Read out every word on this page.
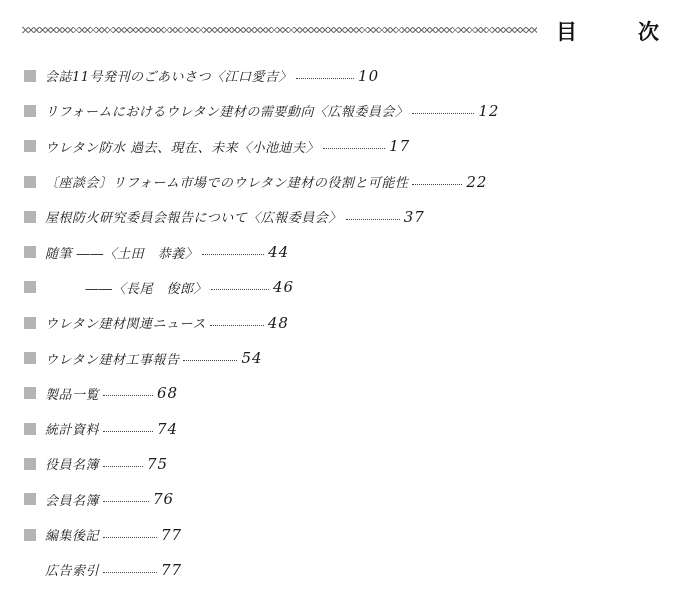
目　次
会誌11号発刊のごあいさつ〈江口愛吉〉	10
リフォームにおけるウレタン建材の需要動向〈広報委員会〉	12
ウレタン防水 過去、現在、未来〈小池迪夫〉	17
〔座談会〕リフォーム市場でのウレタン建材の役割と可能性	22
屋根防火研究委員会報告について〈広報委員会〉	37
随筆 ――〈土田　恭義〉	44
　　　――〈長尾　俊郎〉	46
ウレタン建材関連ニュース	48
ウレタン建材工事報告	54
製品一覧	68
統計資料	74
役員名簿	75
会員名簿	76
編集後記	77
広告索引	77
